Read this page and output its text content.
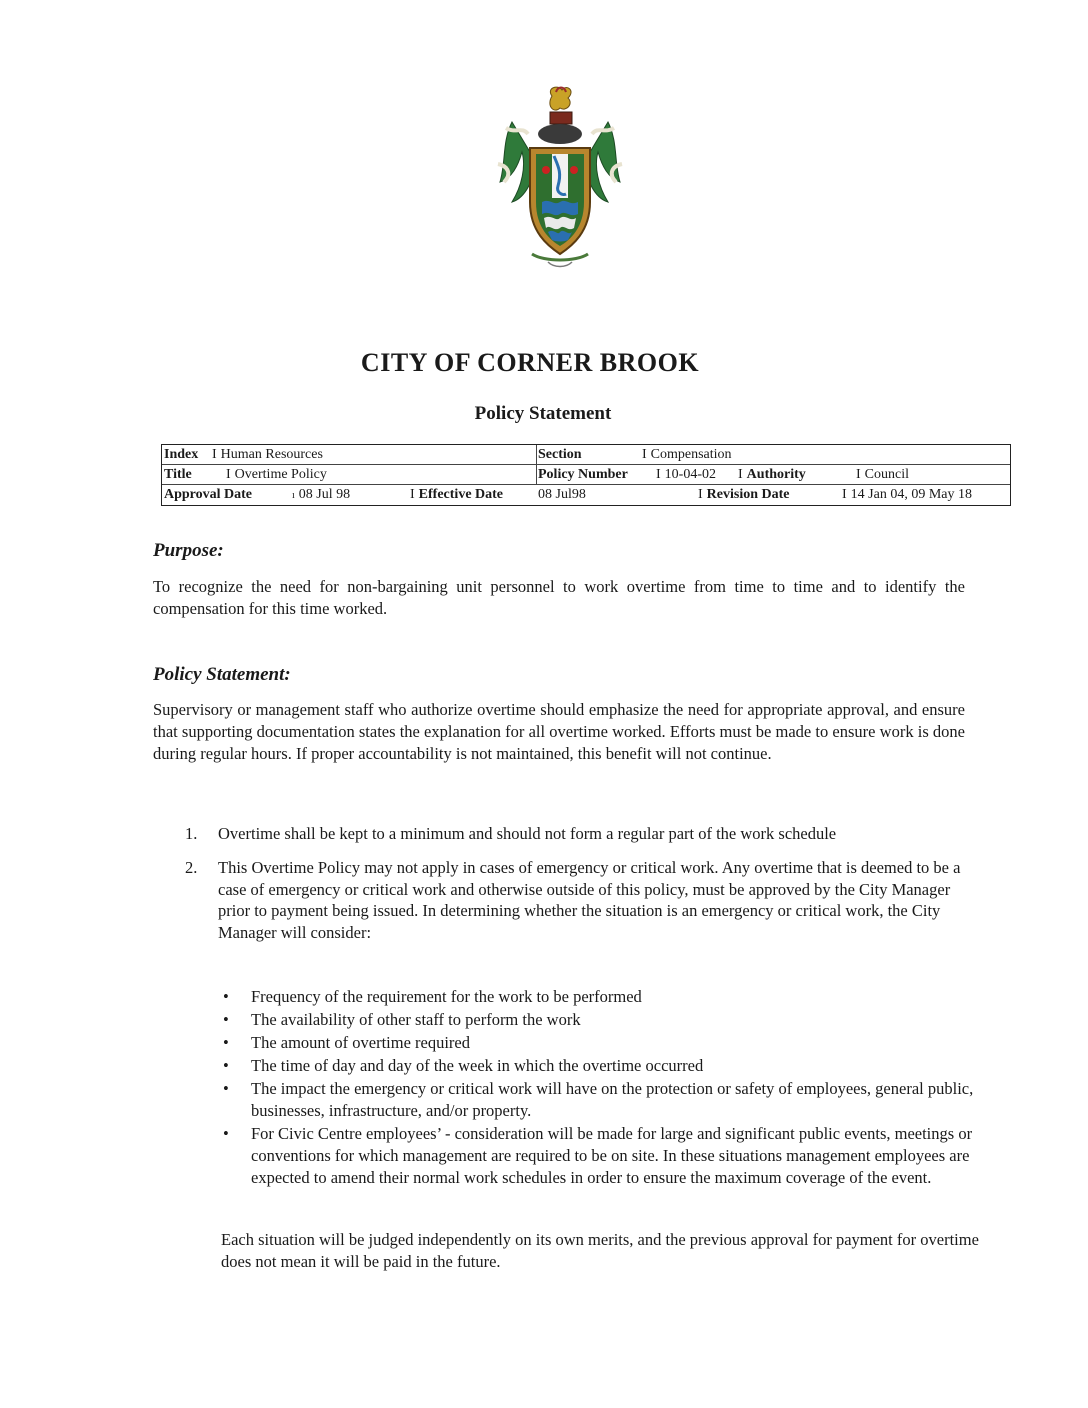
CITY OF CORNER BROOK
Policy Statement
Index I Human Resources	Section	I Compensation
Title I Overtime Policy	Policy Number I 10-04-02 I Authority	I Council
Approval Date	ı 08 Jul 98	I Effective Date 08 Jul98	I Revision Date	I 14 Jan 04, 09 May 18
Purpose:

To recognize the need for non-bargaining unit personnel to work overtime from time to time and to identify the compensation for this time worked.

Policy Statement:

Supervisory or management staff who authorize overtime should emphasize the need for appropriate approval, and ensure that supporting documentation states the explanation for all overtime worked. Efforts must be made to ensure work is done during regular hours. If proper accountability is not maintained, this benefit will not continue.

1.	Overtime shall be kept to a minimum and should not form a regular part of the work schedule

2.	This Overtime Policy may not apply in cases of emergency or critical work. Any overtime that is deemed to be a case of emergency or critical work and otherwise outside of this policy, must be approved by the City Manager prior to payment being issued. In determining whether the situation is an emergency or critical work, the City Manager will consider:

• Frequency of the requirement for the work to be performed
• The availability of other staff to perform the work
• The amount of overtime required
• The time of day and day of the week in which the overtime occurred
• The impact the emergency or critical work will have on the protection or safety of employees, general public, businesses, infrastructure, and/or property.
• For Civic Centre employees’ - consideration will be made for large and significant public events, meetings or conventions for which management are required to be on site. In these situations management employees are expected to amend their normal work schedules in order to ensure the maximum coverage of the event.

Each situation will be judged independently on its own merits, and the previous approval for payment for overtime does not mean it will be paid in the future.
